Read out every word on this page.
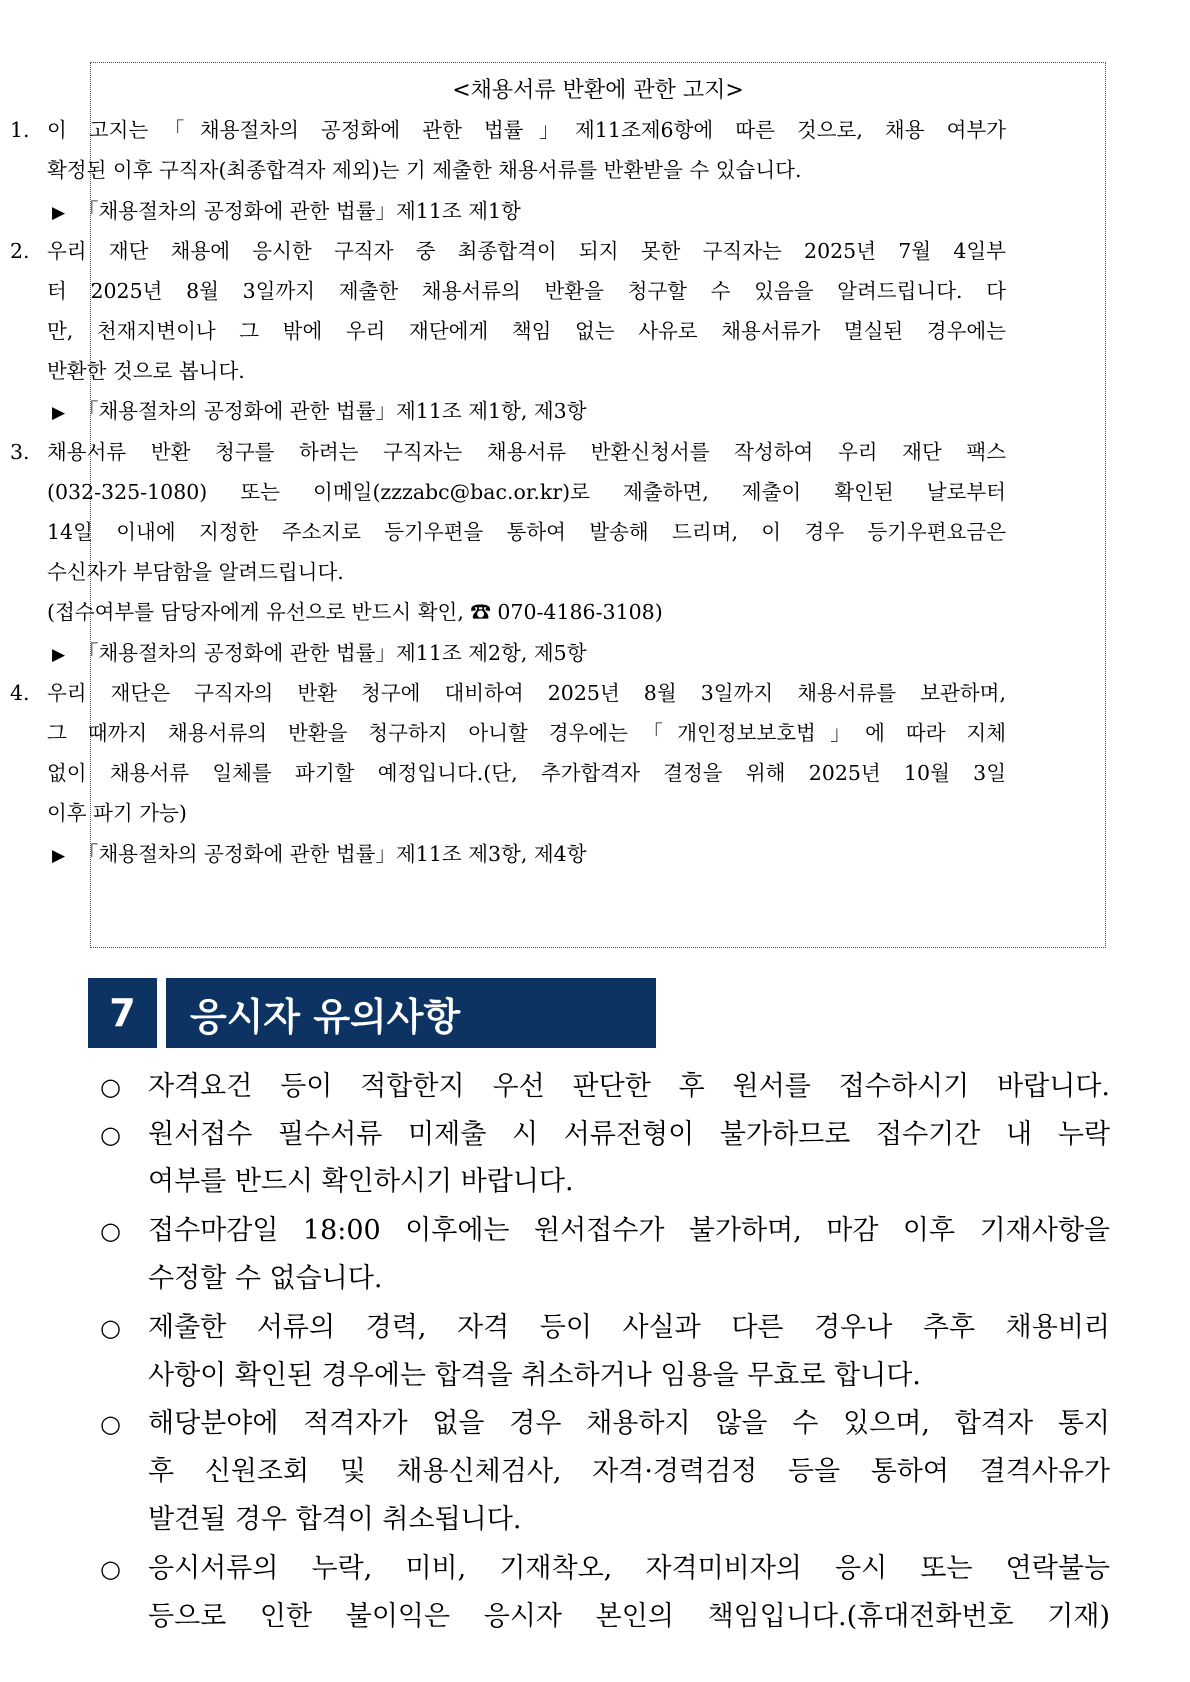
<채용서류 반환에 관한 고지>
1. 이 고지는「채용절차의 공정화에 관한 법률」제11조제6항에 따른 것으로, 채용 여부가
확정된 이후 구직자(최종합격자 제외)는 기 제출한 채용서류를 반환받을 수 있습니다.
▶ 「채용절차의 공정화에 관한 법률」제11조 제1항
2. 우리 재단 채용에 응시한 구직자 중 최종합격이 되지 못한 구직자는 2025년 7월 4일부
터 2025년 8월 3일까지 제출한 채용서류의 반환을 청구할 수 있음을 알려드립니다. 다
만, 천재지변이나 그 밖에 우리 재단에게 책임 없는 사유로 채용서류가 멸실된 경우에는
반환한 것으로 봅니다.
▶ 「채용절차의 공정화에 관한 법률」제11조 제1항, 제3항
3. 채용서류 반환 청구를 하려는 구직자는 채용서류 반환신청서를 작성하여 우리 재단 팩스
(032-325-1080) 또는 이메일(zzzabc@bac.or.kr)로 제출하면, 제출이 확인된 날로부터
14일 이내에 지정한 주소지로 등기우편을 통하여 발송해 드리며, 이 경우 등기우편요금은
수신자가 부담함을 알려드립니다.
(접수여부를 담당자에게 유선으로 반드시 확인, ☎ 070-4186-3108)
▶ 「채용절차의 공정화에 관한 법률」제11조 제2항, 제5항
4. 우리 재단은 구직자의 반환 청구에 대비하여 2025년 8월 3일까지 채용서류를 보관하며,
그 때까지 채용서류의 반환을 청구하지 아니할 경우에는「개인정보보호법」에 따라 지체
없이 채용서류 일체를 파기할 예정입니다.(단, 추가합격자 결정을 위해 2025년 10월 3일
이후 파기 가능)
▶ 「채용절차의 공정화에 관한 법률」제11조 제3항, 제4항
7	응시자 유의사항
○ 자격요건 등이 적합한지 우선 판단한 후 원서를 접수하시기 바랍니다.
○ 원서접수 필수서류 미제출 시 서류전형이 불가하므로 접수기간 내 누락
여부를 반드시 확인하시기 바랍니다.
○ 접수마감일 18:00 이후에는 원서접수가 불가하며, 마감 이후 기재사항을
수정할 수 없습니다.
○ 제출한 서류의 경력, 자격 등이 사실과 다른 경우나 추후 채용비리
사항이 확인된 경우에는 합격을 취소하거나 임용을 무효로 합니다.
○ 해당분야에 적격자가 없을 경우 채용하지 않을 수 있으며, 합격자 통지
후 신원조회 및 채용신체검사, 자격·경력검정 등을 통하여 결격사유가
발견될 경우 합격이 취소됩니다.
○ 응시서류의 누락, 미비, 기재착오, 자격미비자의 응시 또는 연락불능
등으로 인한 불이익은 응시자 본인의 책임입니다.(휴대전화번호 기재)
